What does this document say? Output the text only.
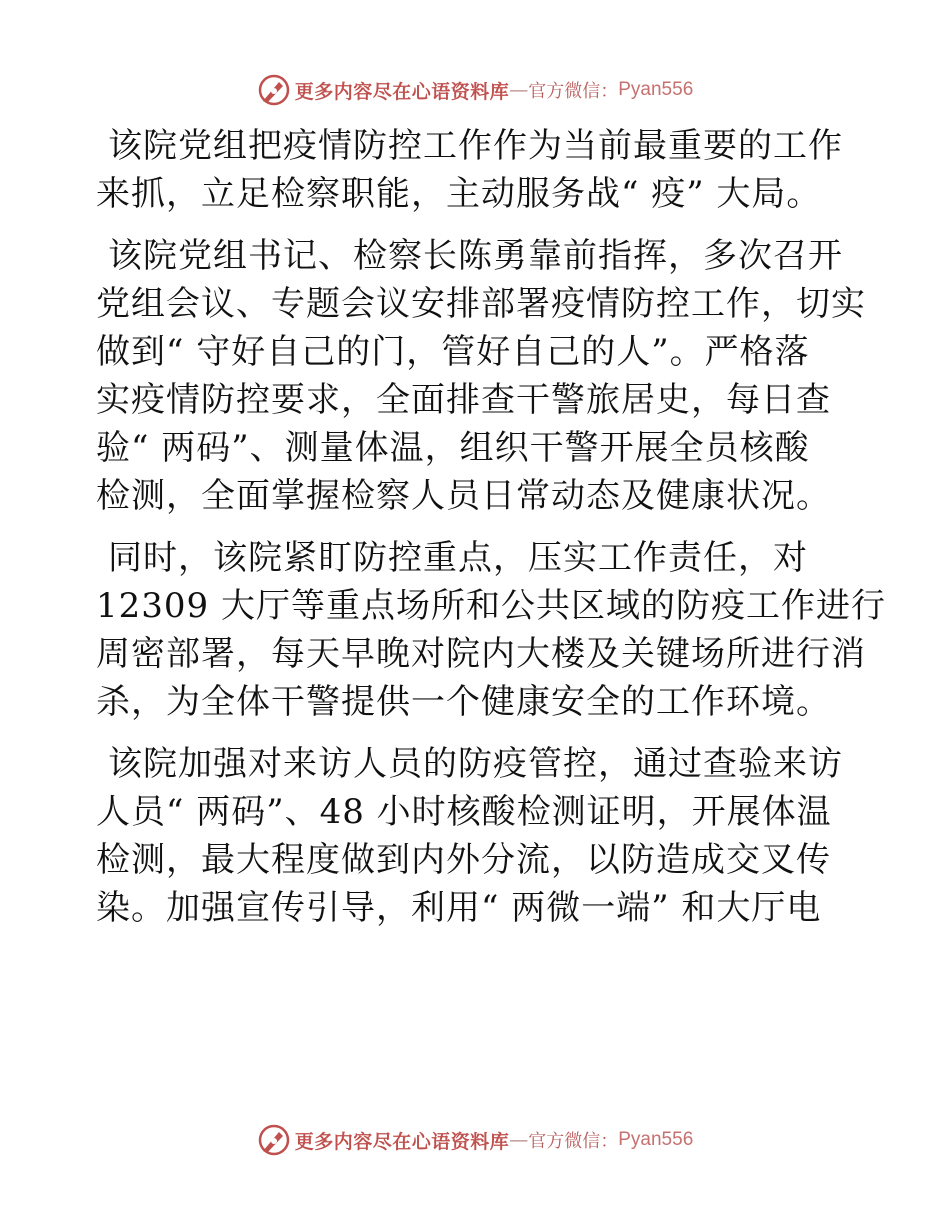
更多内容尽在心语资料库 — 官方微信： Pyan556

该院党组把疫情防控工作作为当前最重要的工作
来抓，立足检察职能，主动服务战“ 疫” 大局。

该院党组书记、检察长陈勇靠前指挥，多次召开
党组会议、专题会议安排部署疫情防控工作，切实
做到“ 守好自己的门，管好自己的人”。严格落
实疫情防控要求，全面排查干警旅居史，每日查
验“ 两码”、测量体温，组织干警开展全员核酸
检测，全面掌握检察人员日常动态及健康状况。

同时，该院紧盯防控重点，压实工作责任，对
12309 大厅等重点场所和公共区域的防疫工作进行
周密部署，每天早晚对院内大楼及关键场所进行消
杀，为全体干警提供一个健康安全的工作环境。

该院加强对来访人员的防疫管控，通过查验来访
人员“ 两码”、48 小时核酸检测证明，开展体温
检测，最大程度做到内外分流，以防造成交叉传
染。加强宣传引导，利用“ 两微一端” 和大厅电

更多内容尽在心语资料库 — 官方微信： Pyan556
